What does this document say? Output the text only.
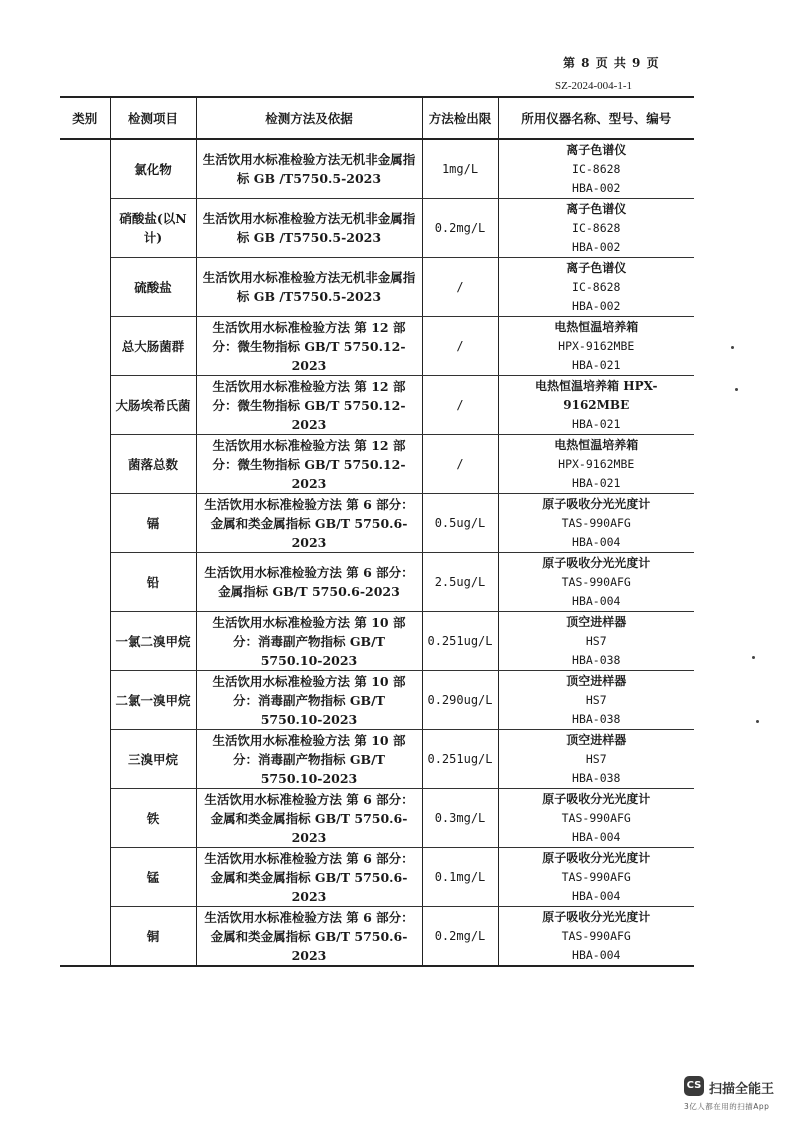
第 8 页 共 9 页
SZ-2024-004-1-1
类别	检测项目	检测方法及依据	方法检出限	所用仪器名称、型号、编号
	氯化物	生活饮用水标准检验方法无机非金属指标 GB /T5750.5-2023	1mg/L	离子色谱仪
IC-8628
HBA-002

	硝酸盐(以N计)	生活饮用水标准检验方法无机非金属指标 GB /T5750.5-2023	0.2mg/L	离子色谱仪
IC-8628
HBA-002

	硫酸盐	生活饮用水标准检验方法无机非金属指标 GB /T5750.5-2023	/	离子色谱仪
IC-8628
HBA-002

	总大肠菌群	生活饮用水标准检验方法 第 12 部分：微生物指标 GB/T 5750.12-2023	/	电热恒温培养箱
HPX-9162MBE
HBA-021

	大肠埃希氏菌	生活饮用水标准检验方法 第 12 部分：微生物指标 GB/T 5750.12-2023	/	电热恒温培养箱 HPX-9162MBE
HBA-021

	菌落总数	生活饮用水标准检验方法 第 12 部分：微生物指标 GB/T 5750.12-2023	/	电热恒温培养箱
HPX-9162MBE
HBA-021

	镉	生活饮用水标准检验方法 第 6 部分：金属和类金属指标 GB/T 5750.6-2023	0.5ug/L	原子吸收分光光度计
TAS-990AFG
HBA-004

	铅	生活饮用水标准检验方法 第 6 部分：金属指标 GB/T 5750.6-2023	2.5ug/L	原子吸收分光光度计
TAS-990AFG
HBA-004

	一氯二溴甲烷	生活饮用水标准检验方法 第 10 部分：消毒副产物指标 GB/T 5750.10-2023	0.251ug/L	顶空进样器
HS7
HBA-038

	二氯一溴甲烷	生活饮用水标准检验方法 第 10 部分：消毒副产物指标 GB/T 5750.10-2023	0.290ug/L	顶空进样器
HS7
HBA-038

	三溴甲烷	生活饮用水标准检验方法 第 10 部分：消毒副产物指标 GB/T 5750.10-2023	0.251ug/L	顶空进样器
HS7
HBA-038

	铁	生活饮用水标准检验方法 第 6 部分：金属和类金属指标 GB/T 5750.6-2023	0.3mg/L	原子吸收分光光度计
TAS-990AFG
HBA-004

	锰	生活饮用水标准检验方法 第 6 部分：金属和类金属指标 GB/T 5750.6-2023	0.1mg/L	原子吸收分光光度计
TAS-990AFG
HBA-004

	铜	生活饮用水标准检验方法 第 6 部分：金属和类金属指标 GB/T 5750.6-2023	0.2mg/L	原子吸收分光光度计
TAS-990AFG
HBA-004
CS 扫描全能王
3亿人都在用的扫描App
